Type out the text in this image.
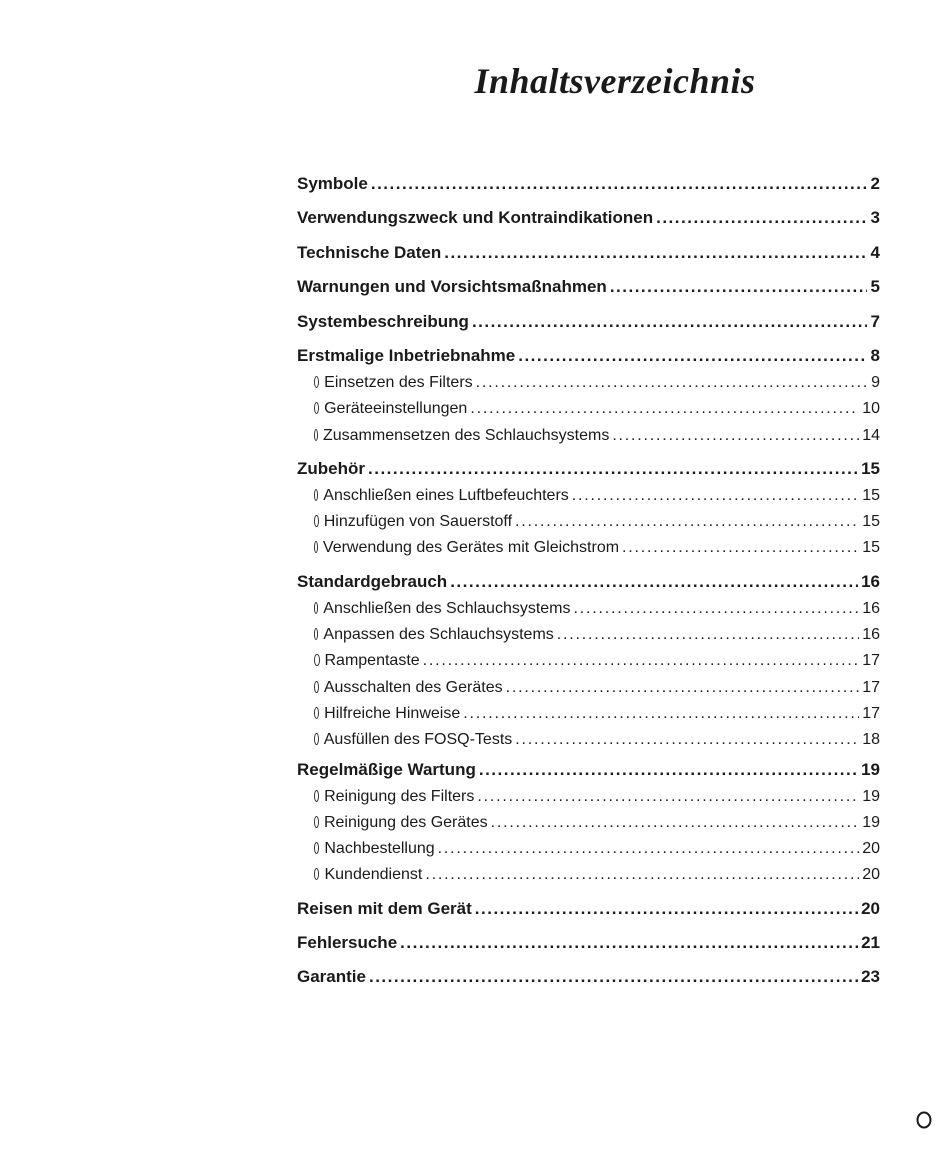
Inhaltsverzeichnis
Symbole .....	2
Verwendungszweck und Kontraindikationen .....	3
Technische Daten .....	4
Warnungen und Vorsichtsmaßnahmen .....	5
Systembeschreibung .....	7
Erstmalige Inbetriebnahme .....	8
Einsetzen des Filters .....	9
Geräteeinstellungen .....	10
Zusammensetzen des Schlauchsystems .....	14
Zubehör .....	15
Anschließen eines Luftbefeuchters .....	15
Hinzufügen von Sauerstoff .....	15
Verwendung des Gerätes mit Gleichstrom .....	15
Standardgebrauch .....	16
Anschließen des Schlauchsystems .....	16
Anpassen des Schlauchsystems .....	16
Rampentaste .....	17
Ausschalten des Gerätes .....	17
Hilfreiche Hinweise .....	17
Ausfüllen des FOSQ-Tests .....	18
Regelmäßige Wartung .....	19
Reinigung des Filters .....	19
Reinigung des Gerätes .....	19
Nachbestellung .....	20
Kundendienst .....	20
Reisen mit dem Gerät .....	20
Fehlersuche .....	21
Garantie .....	23
